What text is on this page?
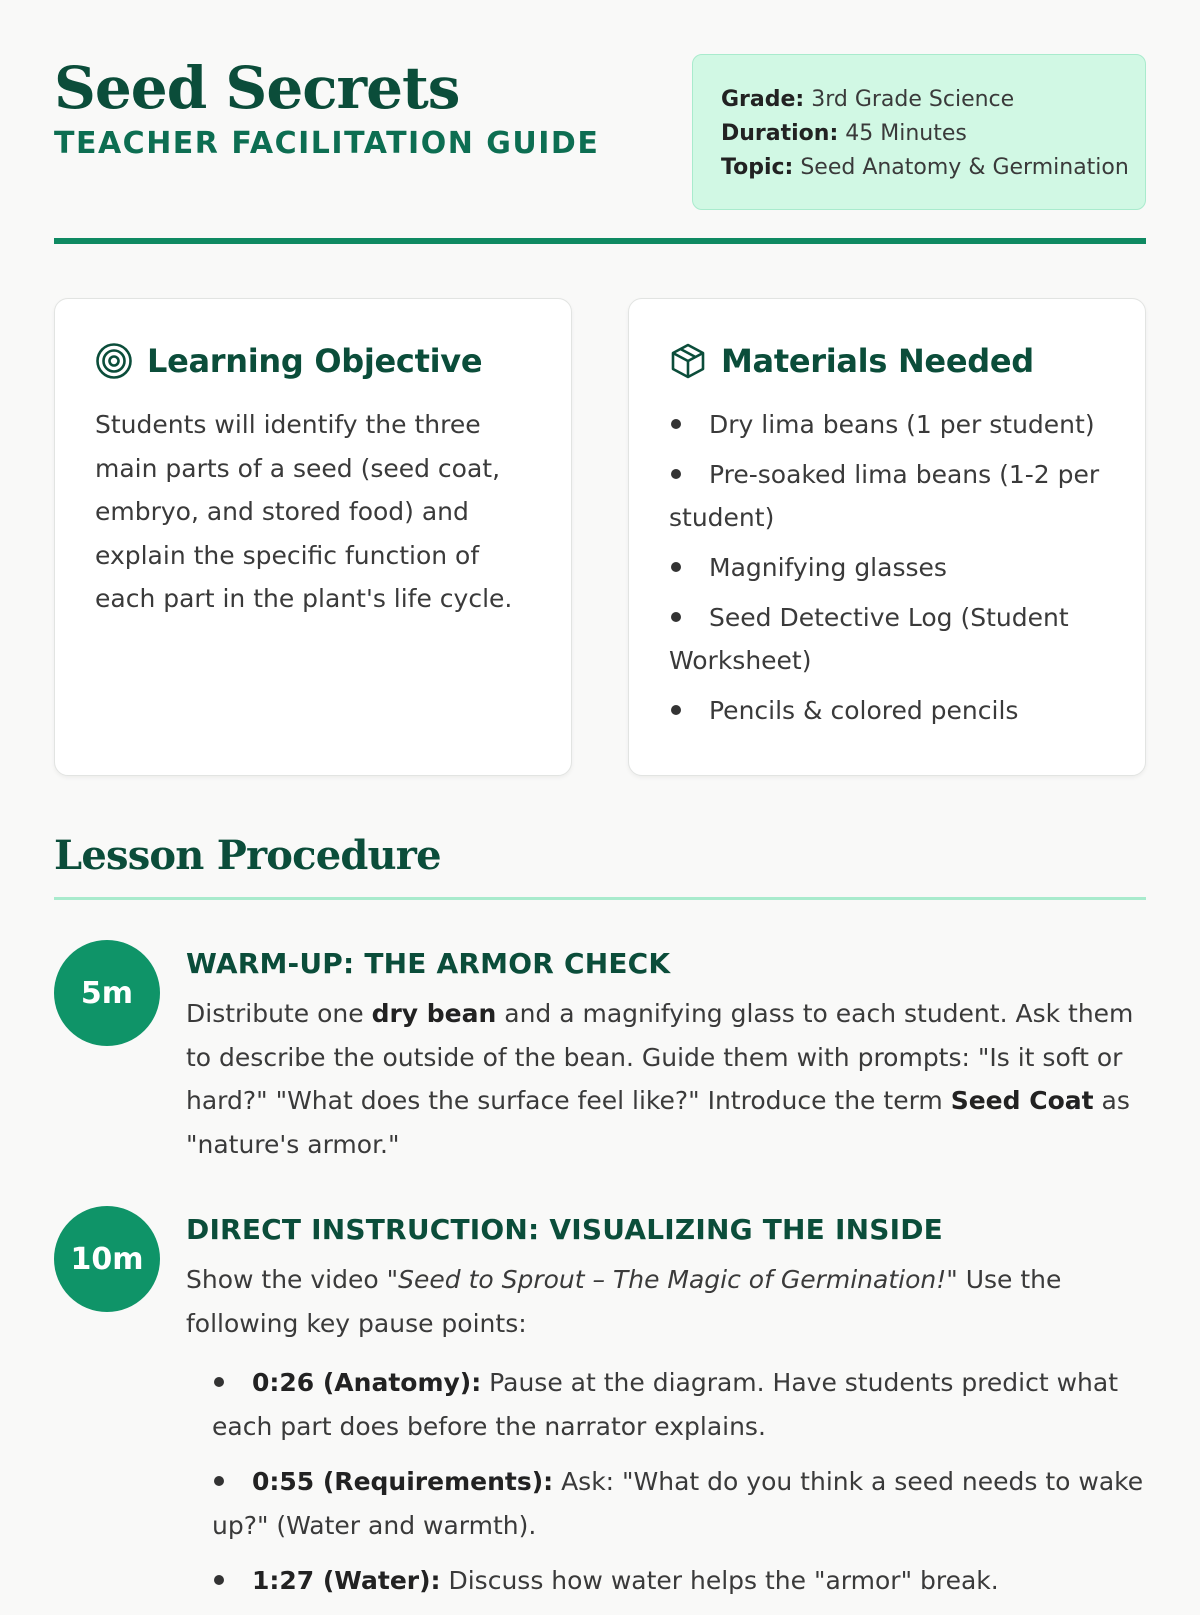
Seed Secrets
TEACHER FACILITATION GUIDE
Grade: 3rd Grade Science
Duration: 45 Minutes
Topic: Seed Anatomy & Germination
Learning Objective

Students will identify the three main parts of a seed (seed coat, embryo, and stored food) and explain the specific function of each part in the plant's life cycle.

Materials Needed
Dry lima beans (1 per student)
Pre-soaked lima beans (1-2 per student)
Magnifying glasses
Seed Detective Log (Student Worksheet)
Pencils & colored pencils
Lesson Procedure
5m
WARM-UP: THE ARMOR CHECK

Distribute one dry bean and a magnifying glass to each student. Ask them to describe the outside of the bean. Guide them with prompts: "Is it soft or hard?" "What does the surface feel like?" Introduce the term Seed Coat as "nature's armor."

10m
DIRECT INSTRUCTION: VISUALIZING THE INSIDE

Show the video "Seed to Sprout – The Magic of Germination!" Use the following key pause points:

0:26 (Anatomy): Pause at the diagram. Have students predict what each part does before the narrator explains.
0:55 (Requirements): Ask: "What do you think a seed needs to wake up?" (Water and warmth).
1:27 (Water): Discuss how water helps the "armor" break.
